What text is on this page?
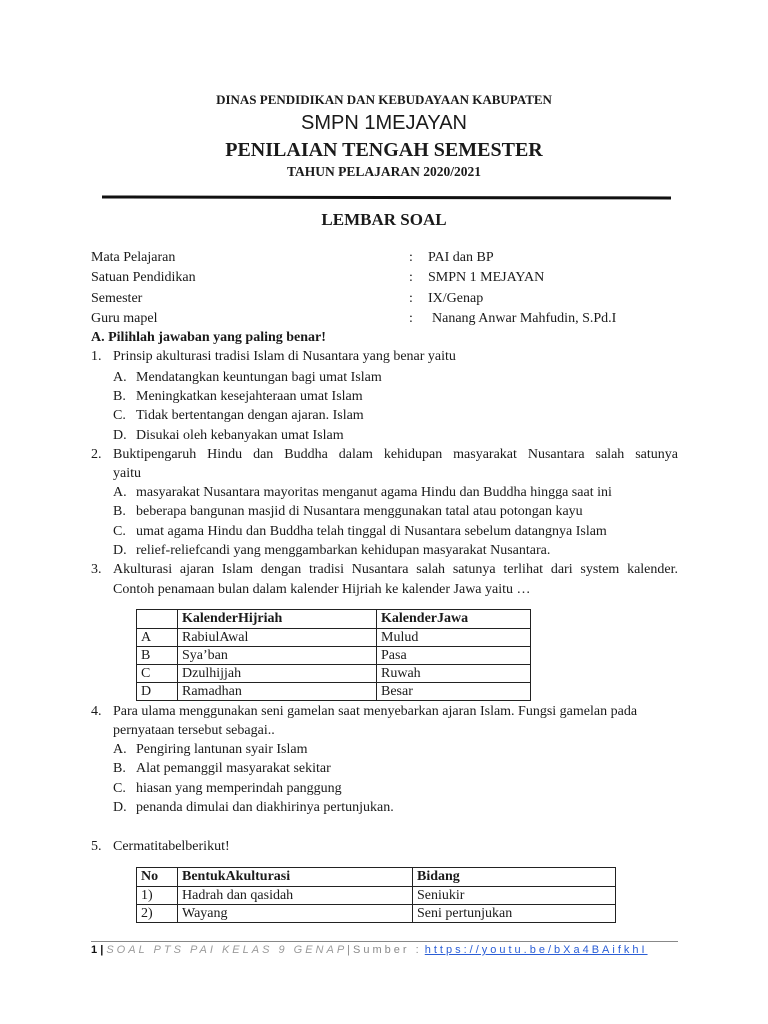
DINAS PENDIDIKAN DAN KEBUDAYAAN KABUPATEN
SMPN 1MEJAYAN
PENILAIAN TENGAH SEMESTER
TAHUN PELAJARAN 2020/2021
LEMBAR SOAL
Mata Pelajaran	: PAI dan BP
Satuan Pendidikan	: SMPN 1 MEJAYAN
Semester	: IX/Genap
Guru mapel	: Nanang Anwar Mahfudin, S.Pd.I
A. Pilihlah jawaban yang paling benar!
1. Prinsip akulturasi tradisi Islam di Nusantara yang benar yaitu
A. Mendatangkan keuntungan bagi umat Islam
B. Meningkatkan kesejahteraan umat Islam
C. Tidak bertentangan dengan ajaran. Islam
D. Disukai oleh kebanyakan umat Islam
2. Buktipengaruh Hindu dan Buddha dalam kehidupan masyarakat Nusantara salah satunya
yaitu
A. masyarakat Nusantara mayoritas menganut agama Hindu dan Buddha hingga saat ini
B. beberapa bangunan masjid di Nusantara menggunakan tatal atau potongan kayu
C. umat agama Hindu dan Buddha telah tinggal di Nusantara sebelum datangnya Islam
D. relief-reliefcandi yang menggambarkan kehidupan masyarakat Nusantara.
3. Akulturasi ajaran Islam dengan tradisi Nusantara salah satunya terlihat dari system kalender.
Contoh penamaan bulan dalam kalender Hijriah ke kalender Jawa yaitu …
	KalenderHijriah	KalenderJawa
A	RabiulAwal	Mulud
B	Sya’ban	Pasa
C	Dzulhijjah	Ruwah
D	Ramadhan	Besar
4. Para ulama menggunakan seni gamelan saat menyebarkan ajaran Islam. Fungsi gamelan pada
pernyataan tersebut sebagai..
A. Pengiring lantunan syair Islam
B. Alat pemanggil masyarakat sekitar
C. hiasan yang memperindah panggung
D. penanda dimulai dan diakhirinya pertunjukan.
5. Cermatitabelberikut!
No	BentukAkulturasi	Bidang
1)	Hadrah dan qasidah	Seniukir
2)	Wayang	Seni pertunjukan
1 | SOAL PTS PAI KELAS 9 GENAP|Sumber : https://youtu.be/bXa4BAifkhI
